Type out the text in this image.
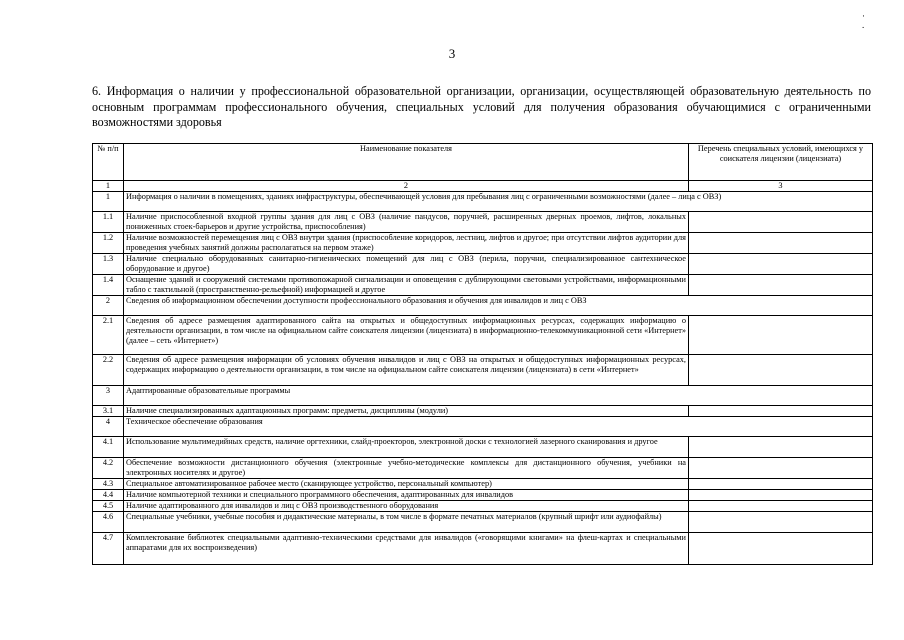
·
.
3
6. Информация о наличии у профессиональной образовательной организации, организации, осуществляющей образовательную деятельность по основным программам профессионального обучения, специальных условий для получения образования обучающимися с ограниченными возможностями здоровья
№ п/п	Наименование показателя	Перечень специальных условий, имеющихся у соискателя лицензии (лицензиата)
1	2	3
1	Информация о наличии в помещениях, зданиях инфраструктуры, обеспечивающей условия для пребывания лиц с ограниченными возможностями (далее – лица с ОВЗ)	
1.1	Наличие приспособленной входной группы здания для лиц с ОВЗ (наличие пандусов, поручней, расширенных дверных проемов, лифтов, локальных пониженных стоек-барьеров и другие устройства, приспособления)	
1.2	Наличие возможностей перемещения лиц с ОВЗ внутри здания (приспособление коридоров, лестниц, лифтов и другое; при отсутствии лифтов аудитории для проведения учебных занятий должны располагаться на первом этаже)	
1.3	Наличие специально оборудованных санитарно-гигиенических помещений для лиц с ОВЗ (перила, поручни, специализированное сантехническое оборудование и другое)	
1.4	Оснащение зданий и сооружений системами противопожарной сигнализации и оповещения с дублирующими световыми устройствами, информационными табло с тактильной (пространственно-рельефной) информацией и другое	
2	Сведения об информационном обеспечении доступности профессионального образования и обучения для инвалидов и лиц с ОВЗ	
2.1	Сведения об адресе размещения адаптированного сайта на открытых и общедоступных информационных ресурсах, содержащих информацию о деятельности организации, в том числе на официальном сайте соискателя лицензии (лицензиата) в информационно-телекоммуникационной сети «Интернет» (далее – сеть «Интернет»)	
2.2	Сведения об адресе размещения информации об условиях обучения инвалидов и лиц с ОВЗ на открытых и общедоступных информационных ресурсах, содержащих информацию о деятельности организации, в том числе на официальном сайте соискателя лицензии (лицензиата) в сети «Интернет»	
3	Адаптированные образовательные программы	
3.1	Наличие специализированных адаптационных программ: предметы, дисциплины (модули)	
4	Техническое обеспечение образования	
4.1	Использование мультимедийных средств, наличие оргтехники, слайд-проекторов, электронной доски с технологией лазерного сканирования и другое	
4.2	Обеспечение возможности дистанционного обучения (электронные учебно-методические комплексы для дистанционного обучения, учебники на электронных носителях и другое)	
4.3	Специальное автоматизированное рабочее место (сканирующее устройство, персональный компьютер)	
4.4	Наличие компьютерной техники и специального программного обеспечения, адаптированных для инвалидов	
4.5	Наличие адаптированного для инвалидов и лиц с ОВЗ производственного оборудования	
4.6	Специальные учебники, учебные пособия и дидактические материалы, в том числе в формате печатных материалов (крупный шрифт или аудиофайлы)	
4.7	Комплектование библиотек специальными адаптивно-техническими средствами для инвалидов («говорящими книгами» на флеш-картах и специальными аппаратами для их воспроизведения)	
